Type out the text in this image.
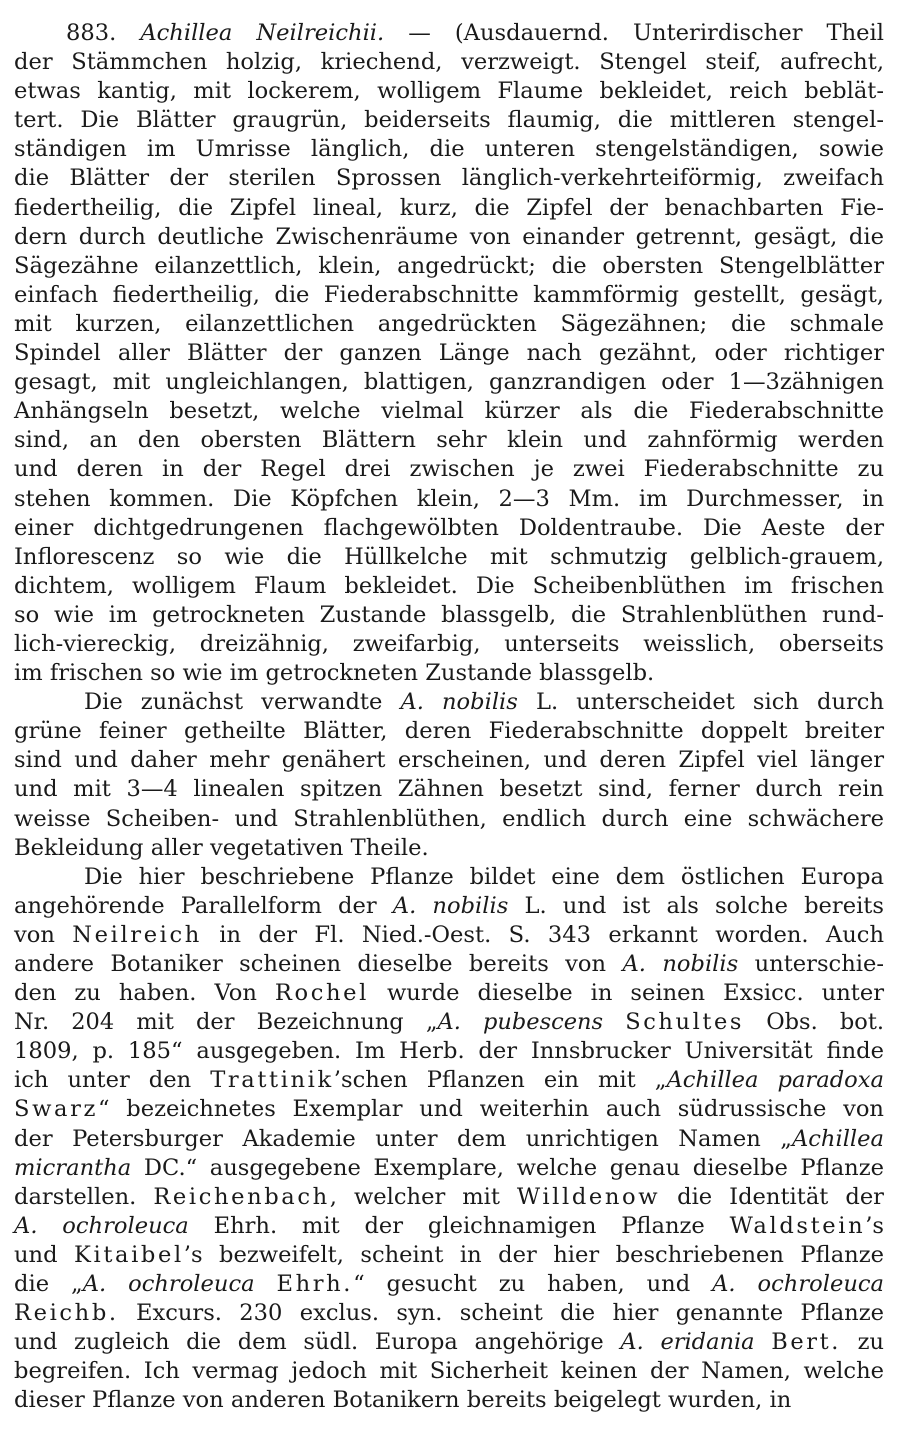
883. Achillea Neilreichii. — (Ausdauernd. Unterirdischer Theil
der Stämmchen holzig, kriechend, verzweigt. Stengel steif, aufrecht,
etwas kantig, mit lockerem, wolligem Flaume bekleidet, reich beblät-
tert. Die Blätter graugrün, beiderseits flaumig, die mittleren stengel-
ständigen im Umrisse länglich, die unteren stengelständigen, sowie
die Blätter der sterilen Sprossen länglich-verkehrteiförmig, zweifach
fiedertheilig, die Zipfel lineal, kurz, die Zipfel der benachbarten Fie-
dern durch deutliche Zwischenräume von einander getrennt, gesägt, die
Sägezähne eilanzettlich, klein, angedrückt; die obersten Stengelblätter
einfach fiedertheilig, die Fiederabschnitte kammförmig gestellt, gesägt,
mit kurzen, eilanzettlichen angedrückten Sägezähnen; die schmale
Spindel aller Blätter der ganzen Länge nach gezähnt, oder richtiger
gesagt, mit ungleichlangen, blattigen, ganzrandigen oder 1—3zähnigen
Anhängseln besetzt, welche vielmal kürzer als die Fiederabschnitte
sind, an den obersten Blättern sehr klein und zahnförmig werden
und deren in der Regel drei zwischen je zwei Fiederabschnitte zu
stehen kommen. Die Köpfchen klein, 2—3 Mm. im Durchmesser, in
einer dichtgedrungenen flachgewölbten Doldentraube. Die Aeste der
Inflorescenz so wie die Hüllkelche mit schmutzig gelblich-grauem,
dichtem, wolligem Flaum bekleidet. Die Scheibenblüthen im frischen
so wie im getrockneten Zustande blassgelb, die Strahlenblüthen rund-
lich-viereckig, dreizähnig, zweifarbig, unterseits weisslich, oberseits
im frischen so wie im getrockneten Zustande blassgelb.
Die zunächst verwandte A. nobilis L. unterscheidet sich durch
grüne feiner getheilte Blätter, deren Fiederabschnitte doppelt breiter
sind und daher mehr genähert erscheinen, und deren Zipfel viel länger
und mit 3—4 linealen spitzen Zähnen besetzt sind, ferner durch rein
weisse Scheiben- und Strahlenblüthen, endlich durch eine schwächere
Bekleidung aller vegetativen Theile.
Die hier beschriebene Pflanze bildet eine dem östlichen Europa
angehörende Parallelform der A. nobilis L. und ist als solche bereits
von Neilreich in der Fl. Nied.-Oest. S. 343 erkannt worden. Auch
andere Botaniker scheinen dieselbe bereits von A. nobilis unterschie-
den zu haben. Von Rochel wurde dieselbe in seinen Exsicc. unter
Nr. 204 mit der Bezeichnung „A. pubescens Schultes Obs. bot.
1809, p. 185“ ausgegeben. Im Herb. der Innsbrucker Universität finde
ich unter den Trattinik’schen Pflanzen ein mit „Achillea paradoxa
Swarz“ bezeichnetes Exemplar und weiterhin auch südrussische von
der Petersburger Akademie unter dem unrichtigen Namen „Achillea
micrantha DC.“ ausgegebene Exemplare, welche genau dieselbe Pflanze
darstellen. Reichenbach, welcher mit Willdenow die Identität der
A. ochroleuca Ehrh. mit der gleichnamigen Pflanze Waldstein’s
und Kitaibel’s bezweifelt, scheint in der hier beschriebenen Pflanze
die „A. ochroleuca Ehrh.“ gesucht zu haben, und A. ochroleuca
Reichb. Excurs. 230 exclus. syn. scheint die hier genannte Pflanze
und zugleich die dem südl. Europa angehörige A. eridania Bert. zu
begreifen. Ich vermag jedoch mit Sicherheit keinen der Namen, welche
dieser Pflanze von anderen Botanikern bereits beigelegt wurden, in
